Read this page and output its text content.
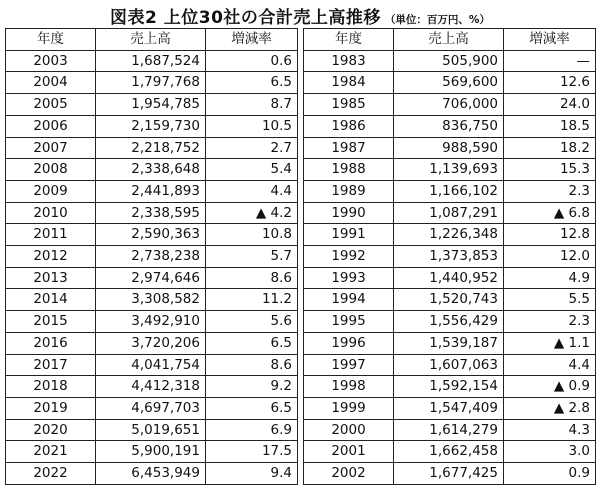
図表2 上位30社の合計売上高推移 （単位：百万円、%）
年度	売上高	増減率
2003	1,687,524	0.6
2004	1,797,768	6.5
2005	1,954,785	8.7
2006	2,159,730	10.5
2007	2,218,752	2.7
2008	2,338,648	5.4
2009	2,441,893	4.4
2010	2,338,595	▲ 4.2
2011	2,590,363	10.8
2012	2,738,238	5.7
2013	2,974,646	8.6
2014	3,308,582	11.2
2015	3,492,910	5.6
2016	3,720,206	6.5
2017	4,041,754	8.6
2018	4,412,318	9.2
2019	4,697,703	6.5
2020	5,019,651	6.9
2021	5,900,191	17.5
2022	6,453,949	9.4
年度	売上高	増減率
1983	505,900	—
1984	569,600	12.6
1985	706,000	24.0
1986	836,750	18.5
1987	988,590	18.2
1988	1,139,693	15.3
1989	1,166,102	2.3
1990	1,087,291	▲ 6.8
1991	1,226,348	12.8
1992	1,373,853	12.0
1993	1,440,952	4.9
1994	1,520,743	5.5
1995	1,556,429	2.3
1996	1,539,187	▲ 1.1
1997	1,607,063	4.4
1998	1,592,154	▲ 0.9
1999	1,547,409	▲ 2.8
2000	1,614,279	4.3
2001	1,662,458	3.0
2002	1,677,425	0.9
